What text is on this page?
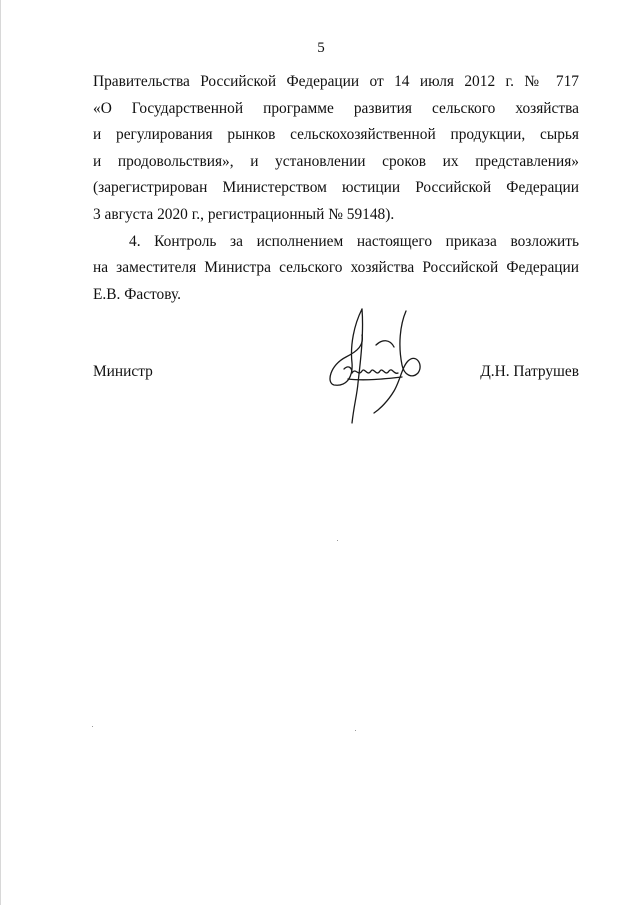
5

Правительства Российской Федерации от 14 июля 2012 г. № 717
«О Государственной программе развития сельского хозяйства
и регулирования рынков сельскохозяйственной продукции, сырья
и продовольствия», и установлении сроков их представления»
(зарегистрирован Министерством юстиции Российской Федерации
3 августа 2020 г., регистрационный № 59148).

4. Контроль за исполнением настоящего приказа возложить
на заместителя Министра сельского хозяйства Российской Федерации
Е.В. Фастову.

Министр	Д.Н. Патрушев
